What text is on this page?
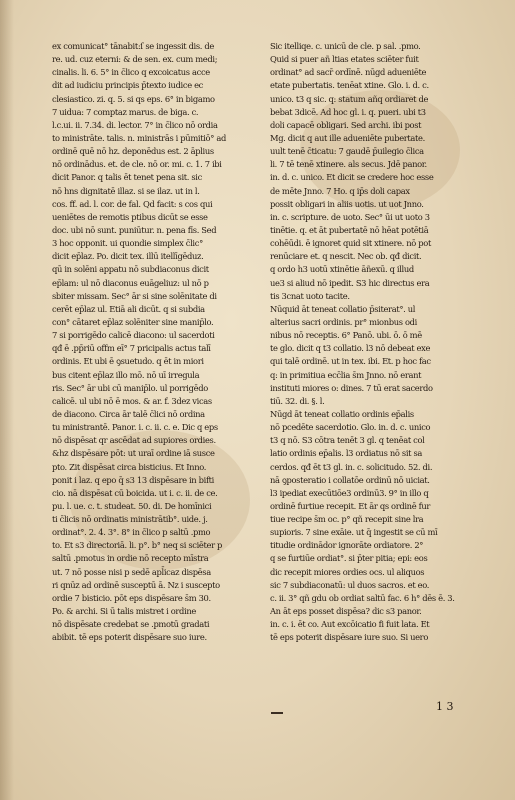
ex comunicat° tānabit:ſ se ingessit dis. de
re. ud. cuz eterni: & de sen. ex. cum medi;
cinalis. li. 6. 5° in c̄lico q excoicatus acce
dit ad iudiciu principis p̄texto iudice ec
clesiastico. zi. q. 5. si qs eps. 6° in bigamo
7 uidua: 7 comptaz marus. de biga. c.
l.c.ui. ii. 7.34. di. lector. 7° in c̄lico nō ordia
to ministrāte. talis. n. ministrās i pūmitiō° ad
ordinē quē nō hz. deponēdus est. 2 āplius
nō ordinādus. et. de cle. nō or. mi. c. 1. 7 ibi
dicit Panor. q talis ēt tenet pena sit. sic
nō hns dignitatē illaz. si se ilaz. ut in l.
cos. ff. ad. l. cor. de fal. Qd facit: s cos qui
ueniētes de remotis ptibus dicūt se esse
doc. ubi nō sunt. puniūtur. n. pena fīs. Sed
3 hoc opponit. ui quondie simplex c̄lic°
dicit ep̄laz. Po. dicit tex. illū itellīgēduz.
qū in solēni appatu nō subdiaconus dicit
ep̄lam: ul nō diaconus euāgeliuz: ul nō p
sbiter missam. Sec° ār si sine solēnitate di
cerēt ep̄laz ul. Etiā ali dicūt. q si subdia
con° cātaret ep̄laz solēniter sine manip̄lo.
7 si porrigēdo calicē diacono: ul sacerdoti
qđ ē .pp̄riū offm eī° 7 pricipalis actus talī
ordinis. Et ubi ē ꝯsuetudo. q ēt in miori
bus citent ep̄laz illo mō. nō uī irregula
ris. Sec° ār ubi cū manip̄lo. ul porrigēdo
calicē. ul ubi nō ē mos. & ar. f. 3dez vicas
de diacono. Circa ār talē c̄lici nō ordina
tu ministrantē. Panor. i. c. ii. c. e. Dic q eps
nō dispēsat qr ascēdat ad supiores ordies.
&hz dispēsare pōt: ut uraī ordine iā susce
pto. Zit dispēsat circa bisticius. Et Inno.
ponit i laz. q epo q̄ s3 13 dispēsare in bifti
cio. nā dispēsat cū boicida. ut i. c. ii. de ce.
pu. l. ue. c. t. studeat. 50. di. De homīnici
ti c̄licis nō ordinatis ministrātib°. uide. j.
ordinat°. 2. 4. 3°. 8° in c̄lico p saltū .pmo
to. Et s3 directoriā. li. p°. b° neq si sciēter p
saltū .pmotus in ordie nō recepto mīstra
ut. 7 nō posse nisi p sedē apl̄icaz dispēsa
ri qnūz ad ordinē susceptū ā. Nz i suscepto
ordie 7 bisticio. pōt eps dispēsare s̄m 30.
Po. & archi. Si ū talis mistret i ordine
nō dispēsate credebat se .pmotū gradati
abibit. tē eps poterit dispēsare suo iure.
Sic itelliqe. c. unicū de cle. p sal. .pmo.
Quid si puer añ ltias etates sciēter fuit
ordinat° ad sacr̄ ordīnē. nūgd adueniēte
etate pubertatis. tenēat xtine. Glo. i. d. c.
unico. t3 q sic. q: statum añq ordiaret de
bebat 3dicē. Ad hoc gl. i. q. pueri. ubi t3
doli capacē obligari. Sed archi. ibi post
Mg. dicit q aut ille adueniēte pubertate.
uult tenē c̄ticatu: 7 gaudē p̄uilegio c̄lica
li. 7 tē tenē xtinere. als secus. Jdē panor.
in. d. c. unico. Et dicit se credere hoc esse
de mēte Jnno. 7 Ho. q ip̄s doli capax
possit obligari in aliis uotis. ut uot Jnno.
in. c. scripture. de uoto. Sec° ūi ut uoto 3
tinētie. q. et āt pubertatē nō hēat potētiā
cohēūdi. ē ignoret quid sit xtinere. nō pot
renūciare et. q nescit. Nec ob. qđ dicit.
q ordo h3 uotū xtinētie āñexū. q illud
ue3 si aliud nō ipedit. S3 hic directus era
tis 3cnat uoto tacite.
Nūquid āt teneat collatio p̄siterat°. ul
alterius sacri ordinis. pr° mionbus odi
nibus nō receptis. 6° Panō. ubi. ō. ō mē
te glo. dicit q t3 collatio. l3 nō debeat exe
qui talē ordinē. ut in tex. ibi. Et. p hoc fac
q: in primitiua ecc̄lia s̄m Jnno. nō erant
instituti miores o: dines. 7 tū erat sacerdo
tiū. 32. di. §. l.
Nūgd āt teneat collatio ordinis ep̄alis
nō pcedēte sacerdotio. Glo. in. d. c. unico
t3 q nō. S3 cōtra tenēt 3 gl. q tenēat col
latio ordinis ep̄alis. l3 ordiatus nō sit sa
cerdos. qđ ēt t3 gl. in. c. solicitudo. 52. di.
nā ꝯposteratio i collatōe ordinū nō uiciat.
l3 ipediat execūtiōe3 ordinū3. 9° in illo q
ordinē furtiue recepit. Et ār qs ordinē fur
tiue recipe s̄m oc. p° qñ recepit sine lra
supioris. 7 sine exāie. ut q̄ ingestit se cū mī
titudie ordinādor ignorāte ordiatore. 2°
q se furtiūe ordiat°. si p̄ter pitia; epi: eos
dic recepit miores ordies ocs. ul aliquos
sic 7 subdiaconatū: ul duos sacros. et eo.
c. ii. 3° qñ gdu ob ordiat saltū fac. 6 h° dēs ē. 3.
An āt eps posset dispēsa? dic s3 panor.
in. c. i. ēt co. Aut excōicatio fi fuit lata. Et
tē eps poterit dispēsare iure suo. Si uero
1 3
